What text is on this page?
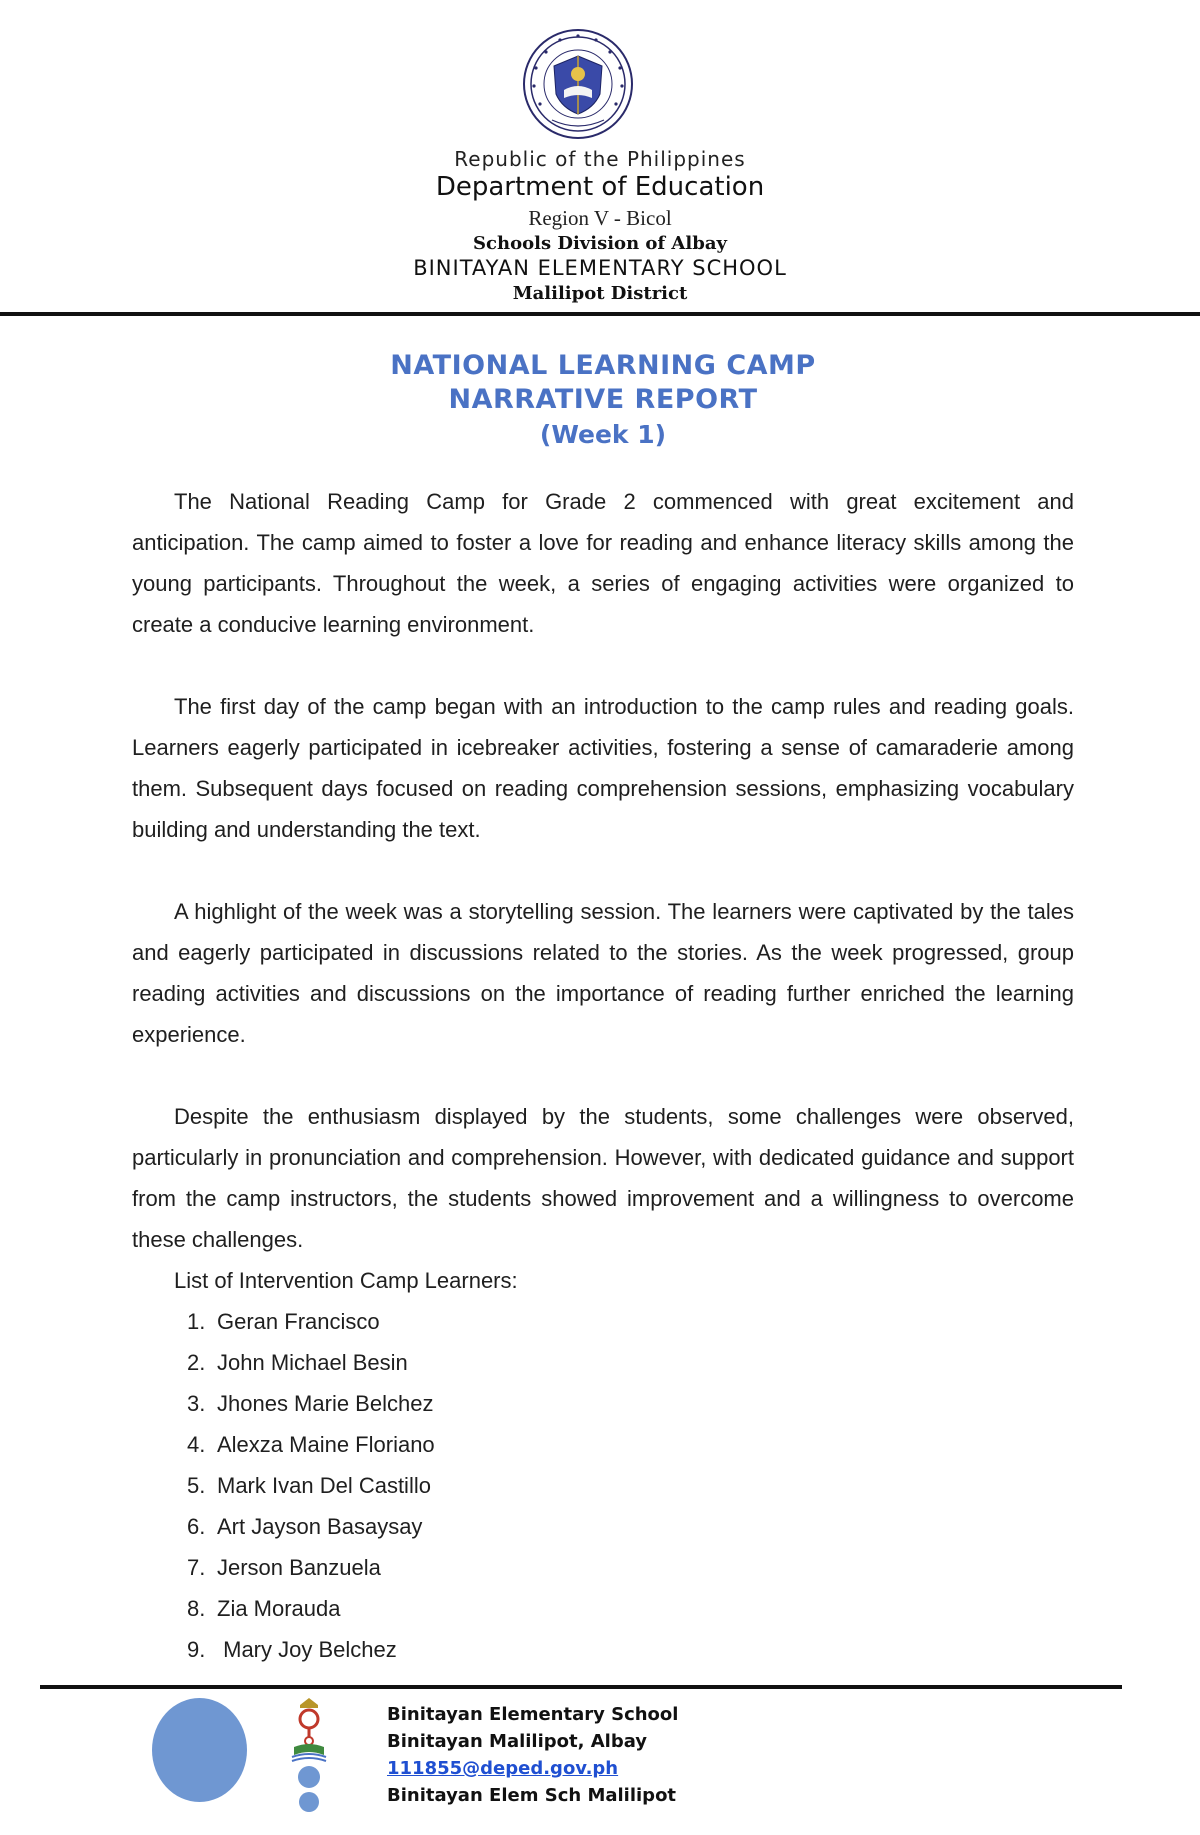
Republic of the Philippines

Department of Education

Region V - Bicol

Schools Division of Albay

BINITAYAN ELEMENTARY SCHOOL

Malilipot District

NATIONAL LEARNING CAMP
NARRATIVE REPORT
(Week 1)

The National Reading Camp for Grade 2 commenced with great excitement and anticipation. The camp aimed to foster a love for reading and enhance literacy skills among the young participants. Throughout the week, a series of engaging activities were organized to create a conducive learning environment.

The first day of the camp began with an introduction to the camp rules and reading goals. Learners eagerly participated in icebreaker activities, fostering a sense of camaraderie among them. Subsequent days focused on reading comprehension sessions, emphasizing vocabulary building and understanding the text.

A highlight of the week was a storytelling session. The learners were captivated by the tales and eagerly participated in discussions related to the stories. As the week progressed, group reading activities and discussions on the importance of reading further enriched the learning experience.

Despite the enthusiasm displayed by the students, some challenges were observed, particularly in pronunciation and comprehension. However, with dedicated guidance and support from the camp instructors, the students showed improvement and a willingness to overcome these challenges.

List of Intervention Camp Learners:

1. Geran Francisco
2. John Michael Besin
3. Jhones Marie Belchez
4. Alexza Maine Floriano
5. Mark Ivan Del Castillo
6. Art Jayson Basaysay
7. Jerson Banzuela
8. Zia Morauda
9. Mary Joy Belchez
Binitayan Elementary School
Binitayan Malilipot, Albay
111855@deped.gov.ph
Binitayan Elem Sch Malilipot
